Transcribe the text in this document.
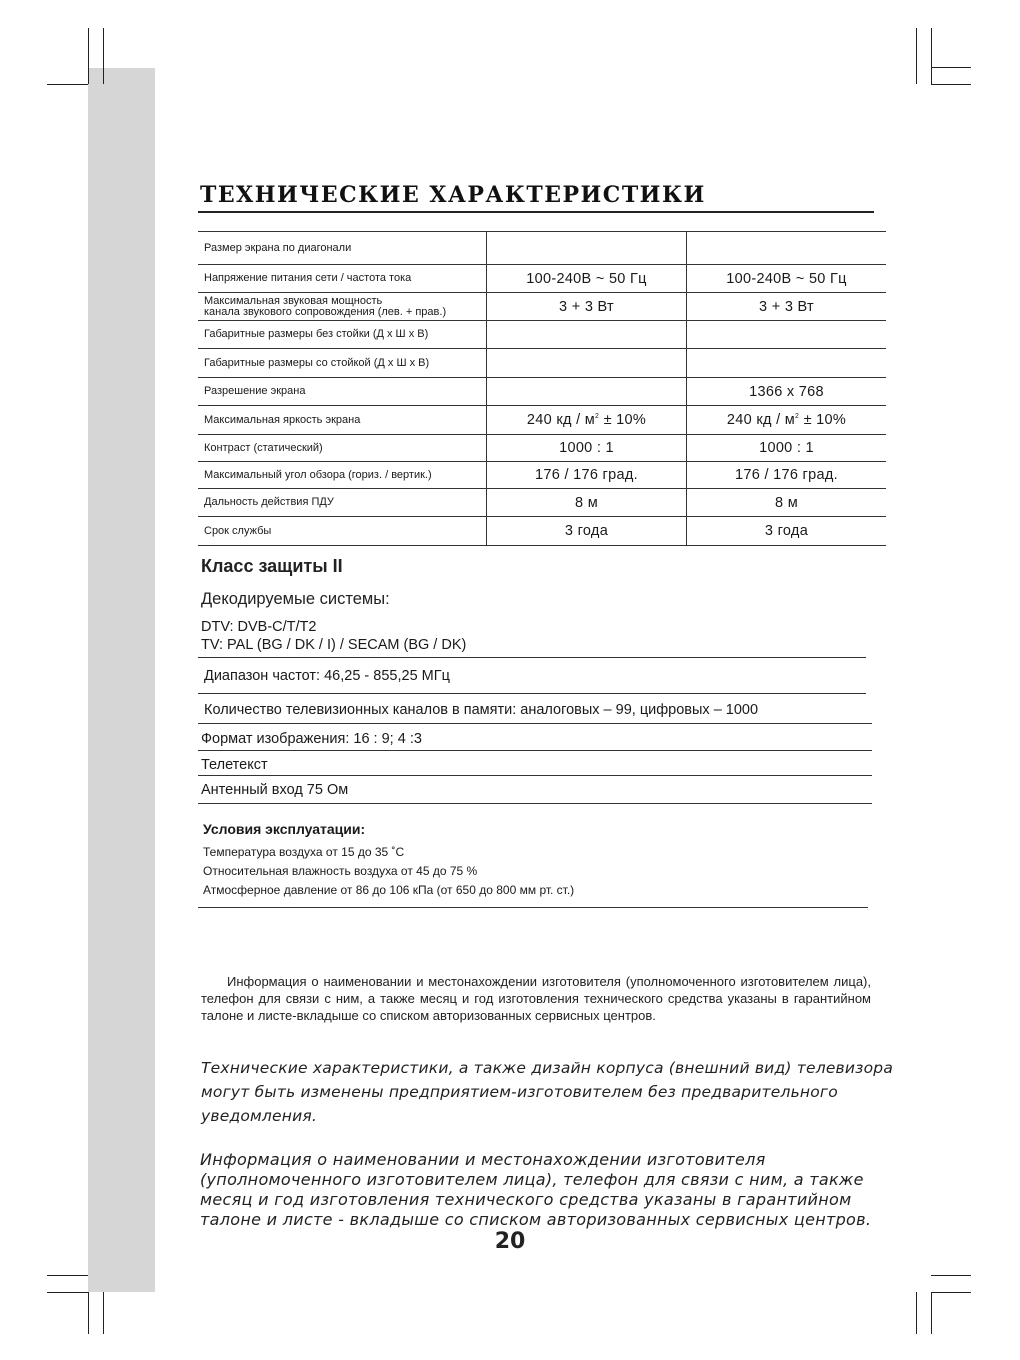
ТЕХНИЧЕСКИЕ ХАРАКТЕРИСТИКИ
Размер экрана по диагонали		
Напряжение питания сети / частота тока	100-240В ~ 50 Гц	100-240В ~ 50 Гц
Максимальная звуковая мощность
канала звукового сопровождения (лев. + прав.)	3 + 3 Вт	3 + 3 Вт
Габаритные размеры без стойки (Д х Ш х В)		
Габаритные размеры со стойкой (Д х Ш х В)		
Разрешение экрана		1366 x 768
Максимальная яркость экрана	240 кд / $м^2 \pm 10\%$	240 кд / $м^2 \pm 10\%$
Контраст (статический)	1000 : 1	1000 : 1
Максимальный угол обзора (гориз. / вертик.)	176 / 176 град.	176 / 176 град.
Дальность действия ПДУ	8 м	8 м
Срок службы	3 года	3 года
Класс защиты II
Декодируемые системы:
DTV: DVB-C/T/T2
TV: PAL (BG / DK / I) / SECAM (BG / DK)
Диапазон частот: 46,25 - 855,25 МГц
Количество телевизионных каналов в памяти: аналоговых – 99, цифровых – 1000
Формат изображения: 16 : 9; 4 :3
Телетекст
Антенный вход 75 Ом
Условия эксплуатации:
Температура воздуха от 15 до 35 ˚С
Относительная влажность воздуха от 45 до 75 %
Атмосферное давление от 86 до 106 кПа (от 650 до 800 мм рт. ст.)

Информация о наименовании и местонахождении изготовителя (уполномоченного изготовителем лица), телефон для связи с ним, а также месяц и год изготовления технического средства указаны в гарантийном талоне и листе-вкладыше со списком авторизованных сервисных центров.

Технические характеристики, а также дизайн корпуса (внешний вид) телевизора могут быть изменены предприятием-изготовителем без предварительного уведомления.

Информация о наименовании и местонахождении изготовителя (уполномоченного изготовителем лица), телефон для связи с ним, а также месяц и год изготовления технического средства указаны в гарантийном талоне и листе - вкладыше со списком авторизованных сервисных центров.

20
